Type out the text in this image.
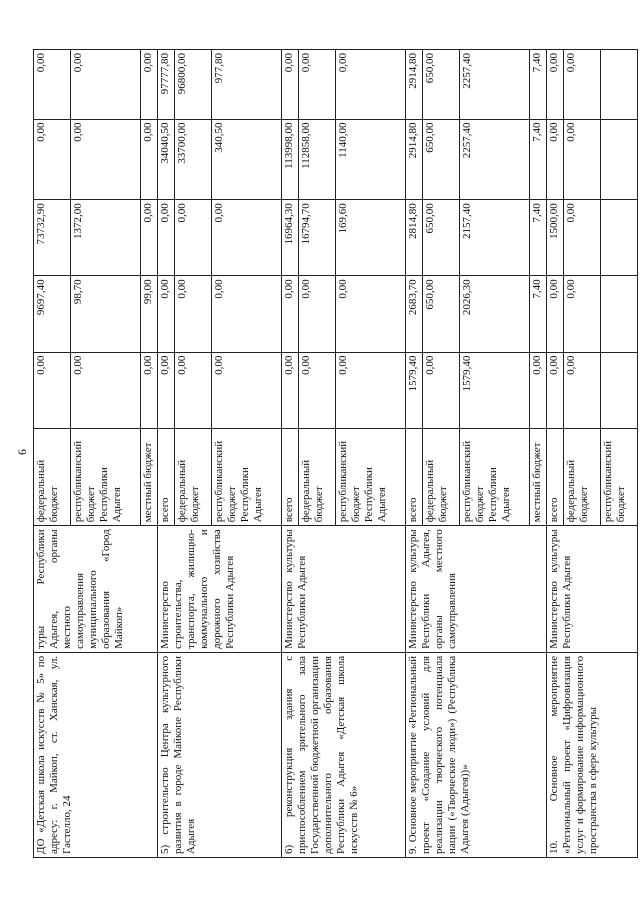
6
ДО «Детская школа искусств № 5» по адресу: г. Майкоп, ст. Ханская, ул. Гастелло, 24	туры Республики Адыгея, органы местного самоуправления муниципального образования «Город Майкоп»	федеральный бюджет	0,00	9697,40	73732,90	0,00	0,00
		республиканский бюджет Республики Адыгея	0,00	98,70	1372,00	0,00	0,00
		местный бюджет	0,00	99,00	0,00	0,00	0,00
5) строительство Центра культурного развития в городе Майкопе Республики Адыгея	Министерство строительства, транспорта, жилищно-коммунального и дорожного хозяйства Республики Адыгея	всего	0,00	0,00	0,00	34040,50	97777,80
		федеральный бюджет	0,00	0,00	0,00	33700,00	96800,00
		республиканский бюджет Республики Адыгея	0,00	0,00	0,00	340,50	977,80
6) реконструкция здания с приспособлением зрительного зала Государственной бюджетной организации дополнительного образования Республики Адыгея «Детская школа искусств № 6»	Министерство культуры Республики Адыгея	всего	0,00	0,00	16964,30	113998,00	0,00
		федеральный бюджет	0,00	0,00	16794,70	112858,00	0,00
		республиканский бюджет Республики Адыгея	0,00	0,00	169,60	1140,00	0,00
9. Основное мероприятие «Региональный проект «Создание условий для реализации творческого потенциала нации («Творческие люди») (Республика Адыгея (Адыгея))»	Министерство культуры Республики Адыгея, органы местного самоуправления	всего	1579,40	2683,70	2814,80	2914,80	2914,80
		федеральный бюджет	0,00	650,00	650,00	650,00	650,00
		республиканский бюджет Республики Адыгея	1579,40	2026,30	2157,40	2257,40	2257,40
		местный бюджет	0,00	7,40	7,40	7,40	7,40
10. Основное мероприятие «Региональный проект «Цифровизация услуг и формирование информационного пространства в сфере культуры	Министерство культуры Республики Адыгея	всего	0,00	0,00	1500,00	0,00	0,00
		федеральный бюджет	0,00	0,00	0,00	0,00	0,00
		республиканский бюджет					
